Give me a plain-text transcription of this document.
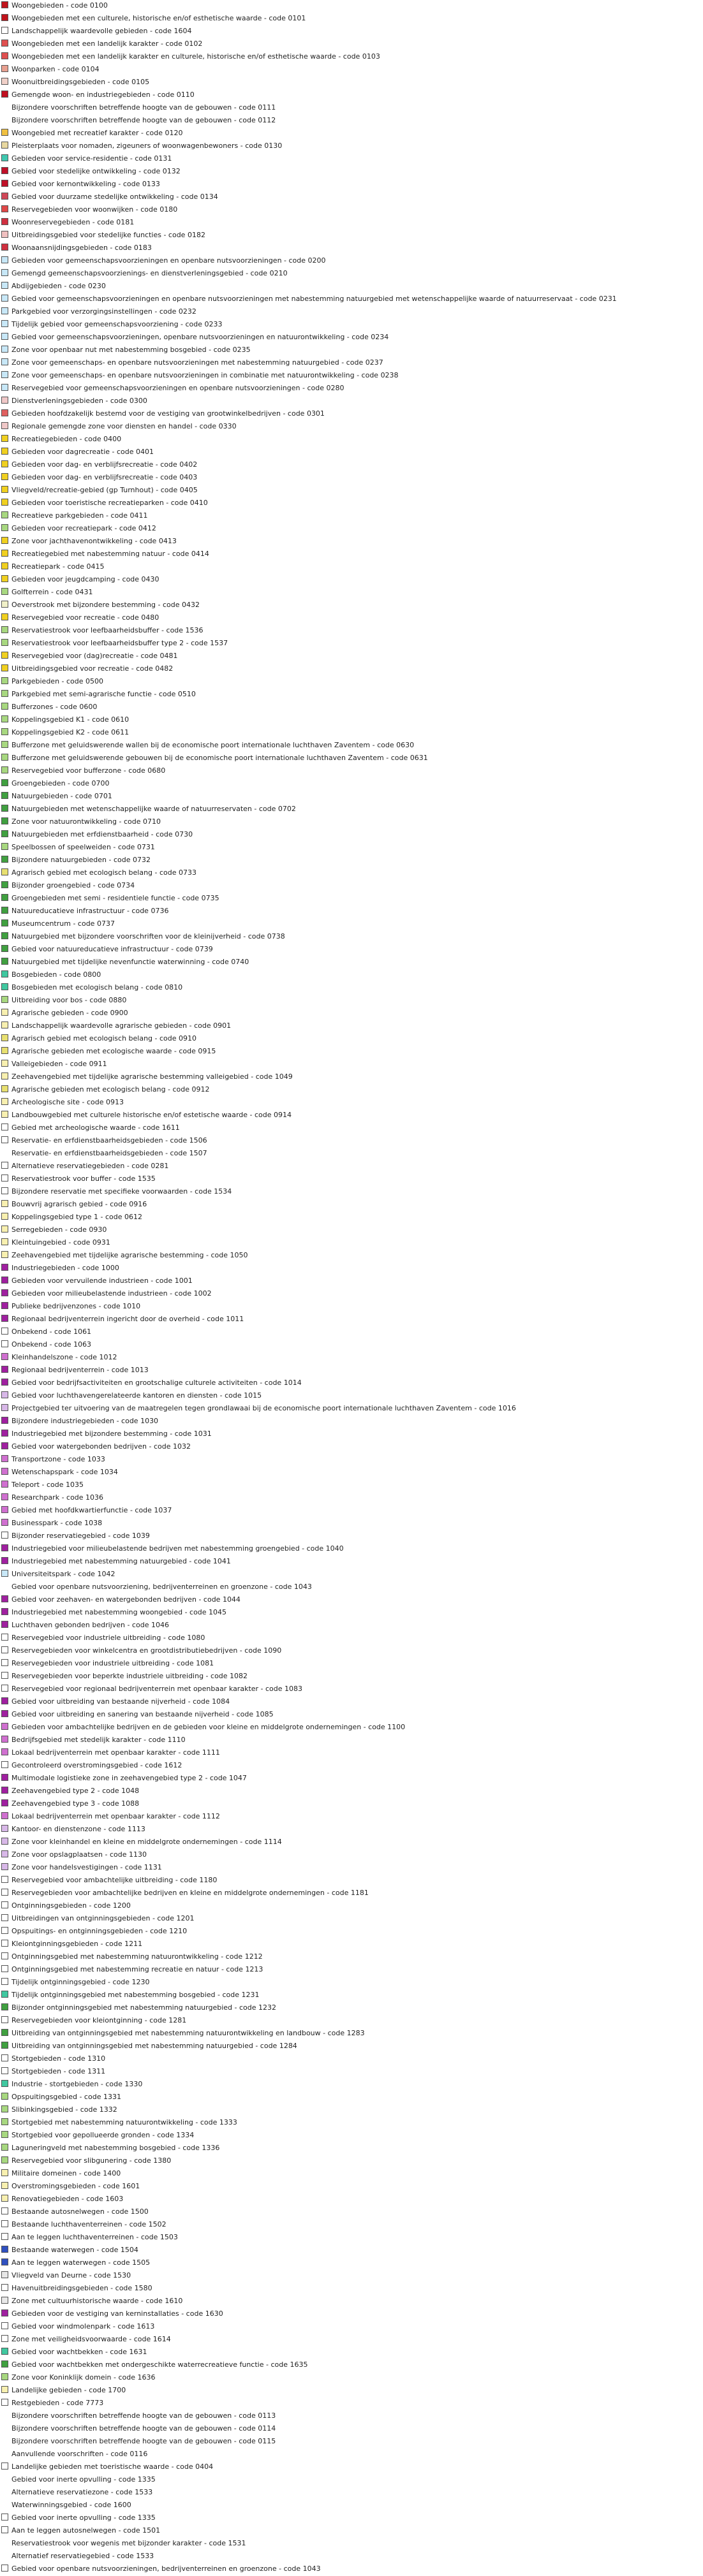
Woongebieden - code 0100
Woongebieden met een culturele, historische en/of esthetische waarde - code 0101
Landschappelijk waardevolle gebieden - code 1604
Woongebieden met een landelijk karakter - code 0102
Woongebieden met een landelijk karakter en culturele, historische en/of esthetische waarde - code 0103
Woonparken - code 0104
Woonuitbreidingsgebieden - code 0105
Gemengde woon- en industriegebieden - code 0110
Bijzondere voorschriften betreffende hoogte van de gebouwen - code 0111
Bijzondere voorschriften betreffende hoogte van de gebouwen - code 0112
Woongebied met recreatief karakter - code 0120
Pleisterplaats voor nomaden, zigeuners of woonwagenbewoners - code 0130
Gebieden voor service-residentie - code 0131
Gebied voor stedelijke ontwikkeling - code 0132
Gebied voor kernontwikkeling - code 0133
Gebied voor duurzame stedelijke ontwikkeling - code 0134
Reservegebieden voor woonwijken - code 0180
Woonreservegebieden - code 0181
Uitbreidingsgebied voor stedelijke functies - code 0182
Woonaansnijdingsgebieden - code 0183
Gebieden voor gemeenschapsvoorzieningen en openbare nutsvoorzieningen - code 0200
Gemengd gemeenschapsvoorzienings- en dienstverleningsgebied - code 0210
Abdijgebieden - code 0230
Gebied voor gemeenschapsvoorzieningen en openbare nutsvoorzieningen met nabestemming natuurgebied met wetenschappelijke waarde of natuurreservaat - code 0231
Parkgebied voor verzorgingsinstellingen - code 0232
Tijdelijk gebied voor gemeenschapsvoorziening - code 0233
Gebied voor gemeenschapsvoorzieningen, openbare nutsvoorzieningen en natuurontwikkeling - code 0234
Zone voor openbaar nut met nabestemming bosgebied - code 0235
Zone voor gemeenschaps- en openbare nutsvoorzieningen met nabestemming natuurgebied - code 0237
Zone voor gemeenschaps- en openbare nutsvoorzieningen in combinatie met natuurontwikkeling - code 0238
Reservegebied voor gemeenschapsvoorzieningen en openbare nutsvoorzieningen - code 0280
Dienstverleningsgebieden - code 0300
Gebieden hoofdzakelijk bestemd voor de vestiging van grootwinkelbedrijven - code 0301
Regionale gemengde zone voor diensten en handel - code 0330
Recreatiegebieden - code 0400
Gebieden voor dagrecreatie - code 0401
Gebieden voor dag- en verblijfsrecreatie - code 0402
Gebieden voor dag- en verblijfsrecreatie - code 0403
Vliegveld/recreatie-gebied (gp Turnhout) - code 0405
Gebieden voor toeristische recreatieparken - code 0410
Recreatieve parkgebieden - code 0411
Gebieden voor recreatiepark - code 0412
Zone voor jachthavenontwikkeling - code 0413
Recreatiegebied met nabestemming natuur - code 0414
Recreatiepark - code 0415
Gebieden voor jeugdcamping - code 0430
Golfterrein - code 0431
Oeverstrook met bijzondere bestemming - code 0432
Reservegebied voor recreatie - code 0480
Reservatiestrook voor leefbaarheidsbuffer - code 1536
Reservatiestrook voor leefbaarheidsbuffer type 2 - code 1537
Reservegebied voor (dag)recreatie - code 0481
Uitbreidingsgebied voor recreatie - code 0482
Parkgebieden - code 0500
Parkgebied met semi-agrarische functie - code 0510
Bufferzones - code 0600
Koppelingsgebied K1 - code 0610
Koppelingsgebied K2 - code 0611
Bufferzone met geluidswerende wallen bij de economische poort internationale luchthaven Zaventem - code 0630
Bufferzone met geluidswerende gebouwen bij de economische poort internationale luchthaven Zaventem - code 0631
Reservegebied voor bufferzone - code 0680
Groengebieden - code 0700
Natuurgebieden - code 0701
Natuurgebieden met wetenschappelijke waarde of natuurreservaten - code 0702
Zone voor natuurontwikkeling - code 0710
Natuurgebieden met erfdienstbaarheid - code 0730
Speelbossen of speelweiden - code 0731
Bijzondere natuurgebieden - code 0732
Agrarisch gebied met ecologisch belang - code 0733
Bijzonder groengebied - code 0734
Groengebieden met semi - residentiele functie - code 0735
Natuureducatieve infrastructuur - code 0736
Museumcentrum - code 0737
Natuurgebied met bijzondere voorschriften voor de kleinijverheid - code 0738
Gebied voor natuureducatieve infrastructuur - code 0739
Natuurgebied met tijdelijke nevenfunctie waterwinning - code 0740
Bosgebieden - code 0800
Bosgebieden met ecologisch belang - code 0810
Uitbreiding voor bos - code 0880
Agrarische gebieden - code 0900
Landschappelijk waardevolle agrarische gebieden - code 0901
Agrarisch gebied met ecologisch belang - code 0910
Agrarische gebieden met ecologische waarde - code 0915
Valleigebieden - code 0911
Zeehavengebied met tijdelijke agrarische bestemming valleigebied - code 1049
Agrarische gebieden met ecologisch belang - code 0912
Archeologische site - code 0913
Landbouwgebied met culturele historische en/of estetische waarde - code 0914
Gebied met archeologische waarde - code 1611
Reservatie- en erfdienstbaarheidsgebieden - code 1506
Reservatie- en erfdienstbaarheidsgebieden - code 1507
Alternatieve reservatiegebieden - code 0281
Reservatiestrook voor buffer - code 1535
Bijzondere reservatie met specifieke voorwaarden - code 1534
Bouwvrij agrarisch gebied - code 0916
Koppelingsgebied type 1 - code 0612
Serregebieden - code 0930
Kleintuingebied - code 0931
Zeehavengebied met tijdelijke agrarische bestemming - code 1050
Industriegebieden - code 1000
Gebieden voor vervuilende industrieen - code 1001
Gebieden voor milieubelastende industrieen - code 1002
Publieke bedrijvenzones - code 1010
Regionaal bedrijventerrein ingericht door de overheid - code 1011
Onbekend - code 1061
Onbekend - code 1063
Kleinhandelszone - code 1012
Regionaal bedrijventerrein - code 1013
Gebied voor bedrijfsactiviteiten en grootschalige culturele activiteiten - code 1014
Gebied voor luchthavengerelateerde kantoren en diensten - code 1015
Projectgebied ter uitvoering van de maatregelen tegen grondlawaai bij de economische poort internationale luchthaven Zaventem - code 1016
Bijzondere industriegebieden - code 1030
Industriegebied met bijzondere bestemming - code 1031
Gebied voor watergebonden bedrijven - code 1032
Transportzone - code 1033
Wetenschapspark - code 1034
Teleport - code 1035
Researchpark - code 1036
Gebied met hoofdkwartierfunctie - code 1037
Businesspark - code 1038
Bijzonder reservatiegebied - code 1039
Industriegebied voor milieubelastende bedrijven met nabestemming groengebied - code 1040
Industriegebied met nabestemming natuurgebied - code 1041
Universiteitspark - code 1042
Gebied voor openbare nutsvoorziening, bedrijventerreinen en groenzone - code 1043
Gebied voor zeehaven- en watergebonden bedrijven - code 1044
Industriegebied met nabestemming woongebied - code 1045
Luchthaven gebonden bedrijven - code 1046
Reservegebied voor industriele uitbreiding - code 1080
Reservegebieden voor winkelcentra en grootdistributiebedrijven - code 1090
Reservegebieden voor industriele uitbreiding - code 1081
Reservegebieden voor beperkte industriele uitbreiding - code 1082
Reservegebied voor regionaal bedrijventerrein met openbaar karakter - code 1083
Gebied voor uitbreiding van bestaande nijverheid - code 1084
Gebied voor uitbreiding en sanering van bestaande nijverheid - code 1085
Gebieden voor ambachtelijke bedrijven en de gebieden voor kleine en middelgrote ondernemingen - code 1100
Bedrijfsgebied met stedelijk karakter - code 1110
Lokaal bedrijventerrein met openbaar karakter - code 1111
Gecontroleerd overstromingsgebied - code 1612
Multimodale logistieke zone in zeehavengebied type 2 - code 1047
Zeehavengebied type 2 - code 1048
Zeehavengebied type 3 - code 1088
Lokaal bedrijventerrein met openbaar karakter - code 1112
Kantoor- en dienstenzone - code 1113
Zone voor kleinhandel en kleine en middelgrote ondernemingen - code 1114
Zone voor opslagplaatsen - code 1130
Zone voor handelsvestigingen - code 1131
Reservegebied voor ambachtelijke uitbreiding - code 1180
Reservegebieden voor ambachtelijke bedrijven en kleine en middelgrote ondernemingen - code 1181
Ontginningsgebieden - code 1200
Uitbreidingen van ontginningsgebieden - code 1201
Opspuitings- en ontginningsgebieden - code 1210
Kleiontginningsgebieden - code 1211
Ontginningsgebied met nabestemming natuurontwikkeling - code 1212
Ontginningsgebied met nabestemming recreatie en natuur - code 1213
Tijdelijk ontginningsgebied - code 1230
Tijdelijk ontginningsgebied met nabestemming bosgebied - code 1231
Bijzonder ontginningsgebied met nabestemming natuurgebied - code 1232
Reservegebieden voor kleiontginning - code 1281
Uitbreiding van ontginningsgebied met nabestemming natuurontwikkeling en landbouw - code 1283
Uitbreiding van ontginningsgebied met nabestemming natuurgebied - code 1284
Stortgebieden - code 1310
Stortgebieden - code 1311
Industrie - stortgebieden - code 1330
Opspuitingsgebied - code 1331
Slibinkingsgebied - code 1332
Stortgebied met nabestemming natuurontwikkeling - code 1333
Stortgebied voor gepollueerde gronden - code 1334
Laguneringveld met nabestemming bosgebied - code 1336
Reservegebied voor slibgunering - code 1380
Militaire domeinen - code 1400
Overstromingsgebieden - code 1601
Renovatiegebieden - code 1603
Bestaande autosnelwegen - code 1500
Bestaande luchthaventerreinen - code 1502
Aan te leggen luchthaventerreinen - code 1503
Bestaande waterwegen - code 1504
Aan te leggen waterwegen - code 1505
Vliegveld van Deurne - code 1530
Havenuitbreidingsgebieden - code 1580
Zone met cultuurhistorische waarde - code 1610
Gebieden voor de vestiging van kerninstallaties - code 1630
Gebied voor windmolenpark - code 1613
Zone met veiligheidsvoorwaarde - code 1614
Gebied voor wachtbekken - code 1631
Gebied voor wachtbekken met ondergeschikte waterrecreatieve functie - code 1635
Zone voor Koninklijk domein - code 1636
Landelijke gebieden - code 1700
Restgebieden - code 7773
Bijzondere voorschriften betreffende hoogte van de gebouwen - code 0113
Bijzondere voorschriften betreffende hoogte van de gebouwen - code 0114
Bijzondere voorschriften betreffende hoogte van de gebouwen - code 0115
Aanvullende voorschriften - code 0116
Landelijke gebieden met toeristische waarde - code 0404
Gebied voor inerte opvulling - code 1335
Alternatieve reservatiezone - code 1533
Waterwinningsgebied - code 1600
Gebied voor inerte opvulling - code 1335
Aan te leggen autosnelwegen - code 1501
Reservatiestrook voor wegenis met bijzonder karakter - code 1531
Alternatief reservatiegebied - code 1533
Gebied voor openbare nutsvoorzieningen, bedrijventerreinen en groenzone - code 1043
